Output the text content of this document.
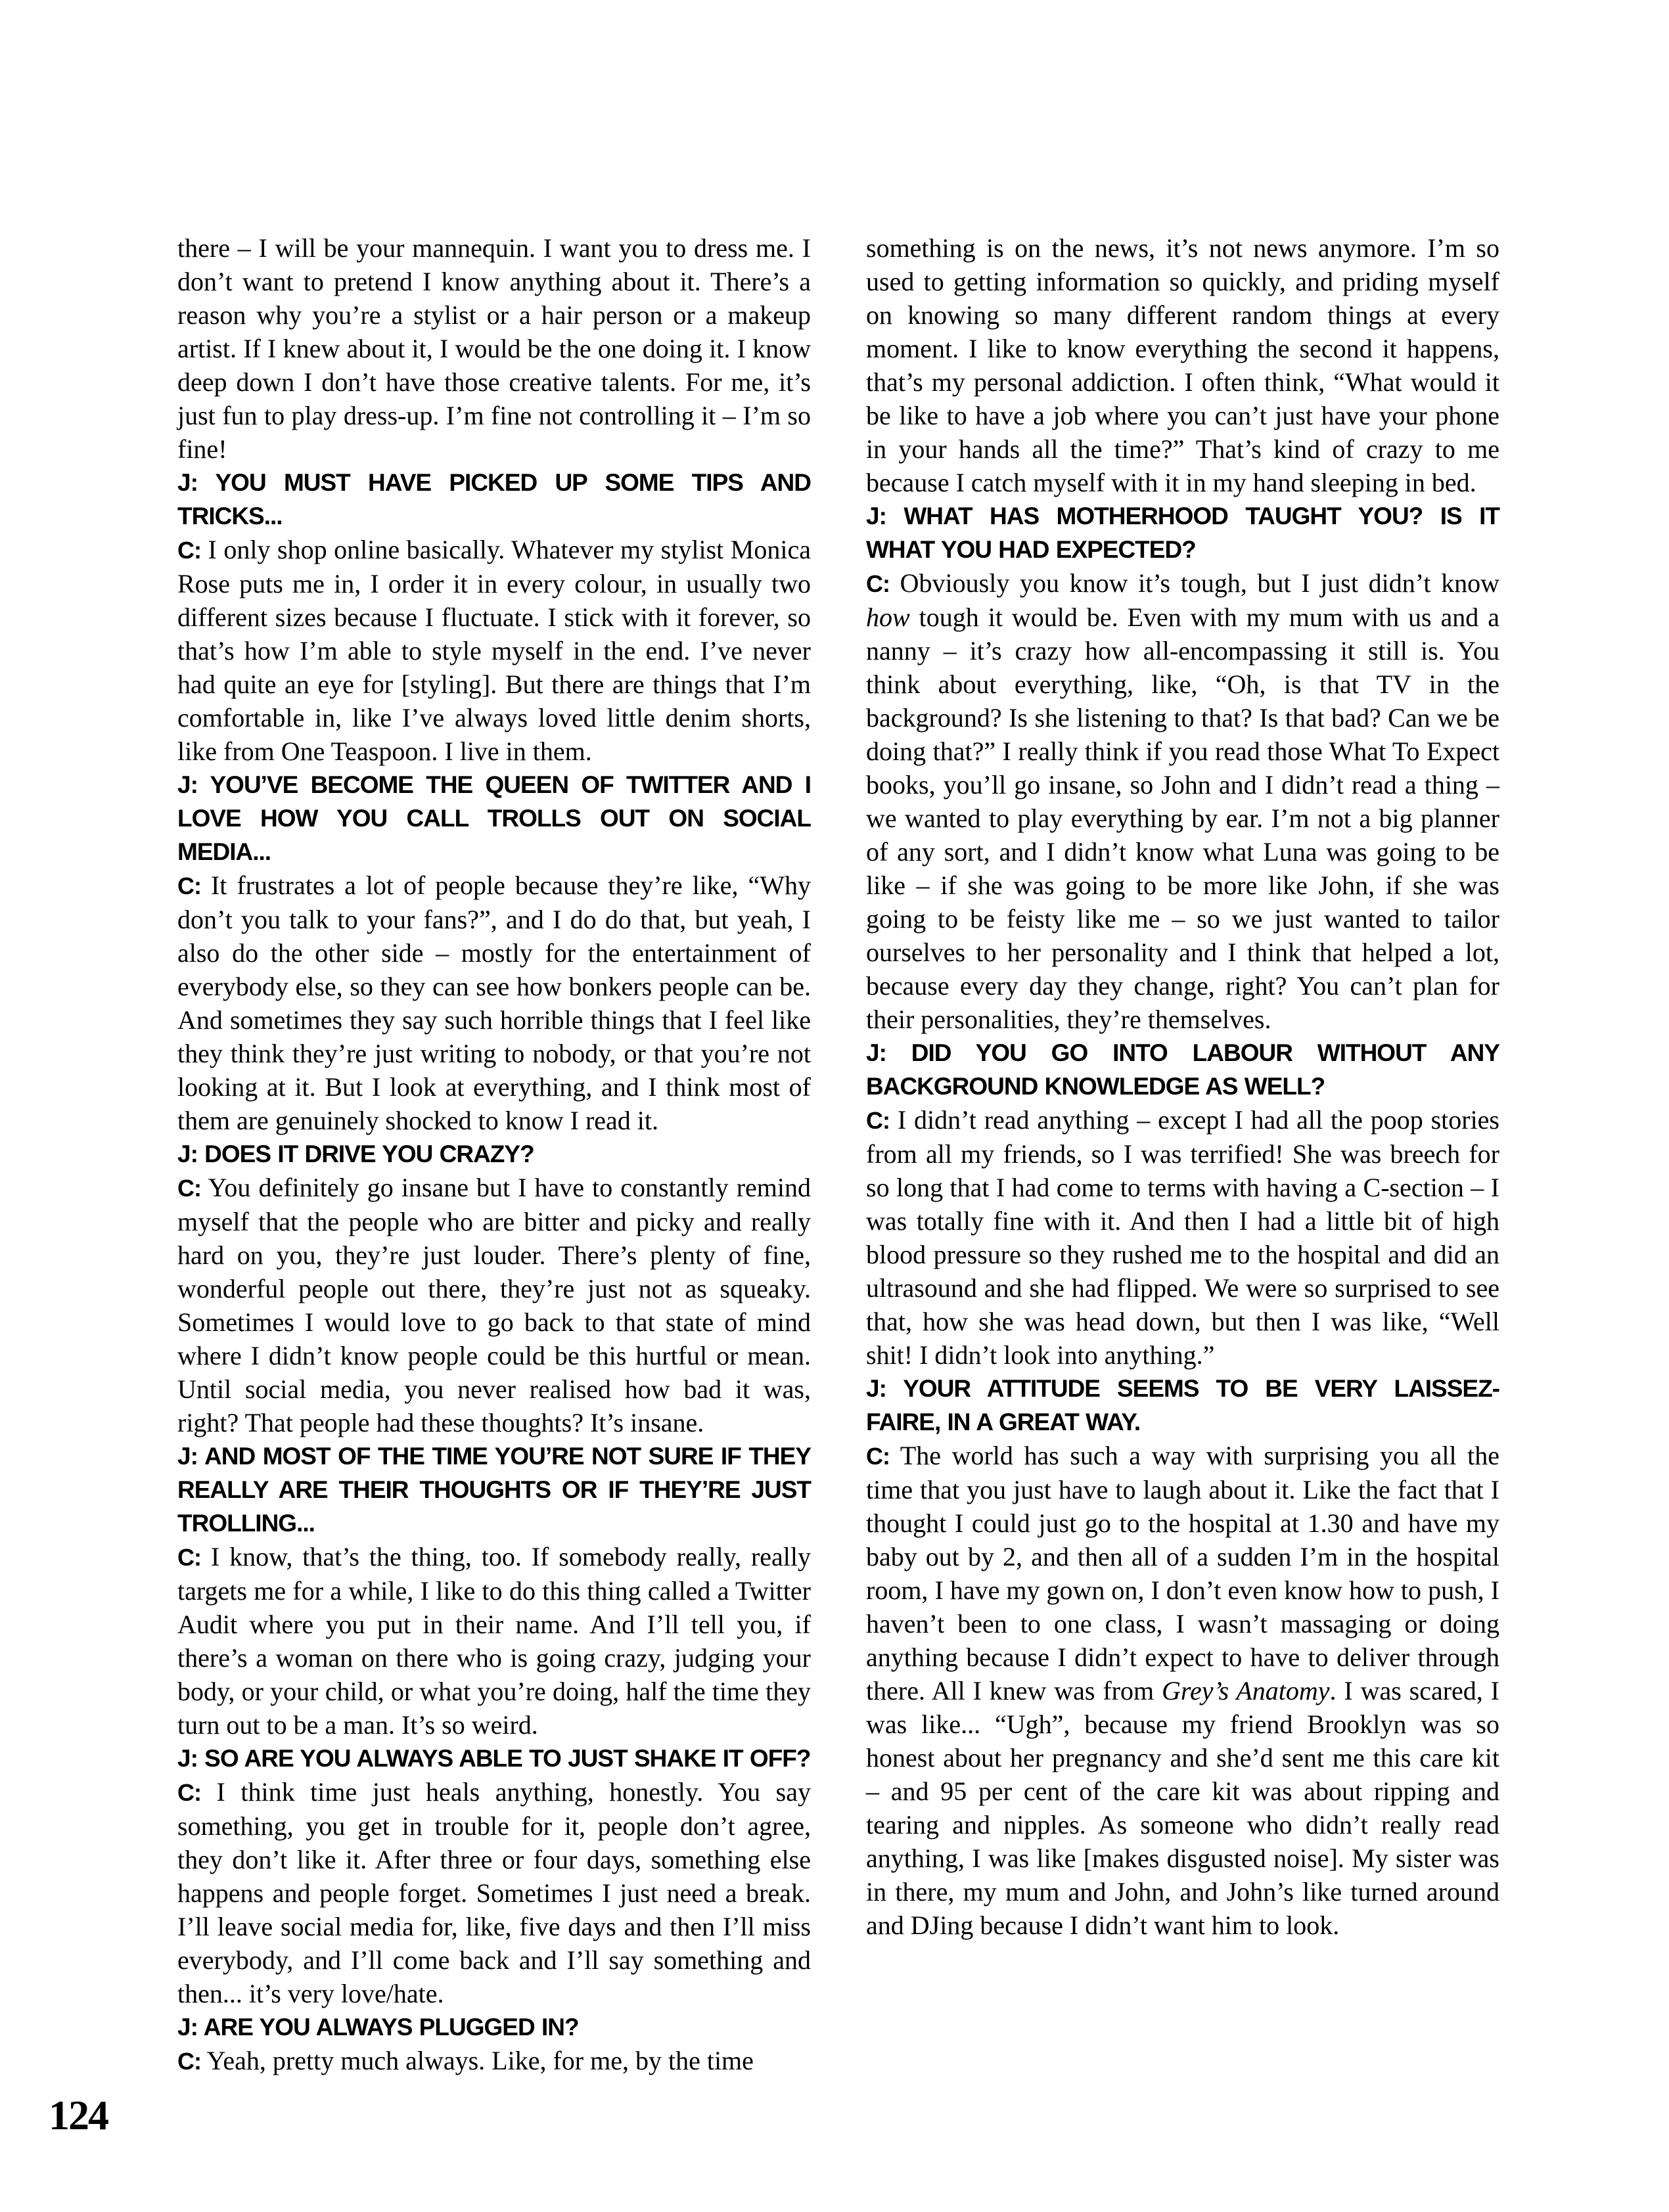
there – I will be your mannequin. I want you to dress me. I don’t want to pretend I know anything about it. There’s a reason why you’re a stylist or a hair person or a makeup artist. If I knew about it, I would be the one doing it. I know deep down I don’t have those creative talents. For me, it’s just fun to play dress-up. I’m fine not controlling it – I’m so fine!

J: YOU MUST HAVE PICKED UP SOME TIPS AND TRICKS...

C: I only shop online basically. Whatever my stylist Monica Rose puts me in, I order it in every colour, in usually two different sizes because I fluctuate. I stick with it forever, so that’s how I’m able to style myself in the end. I’ve never had quite an eye for [styling]. But there are things that I’m comfortable in, like I’ve always loved little denim shorts, like from One Teaspoon. I live in them.

J: YOU’VE BECOME THE QUEEN OF TWITTER AND I LOVE HOW YOU CALL TROLLS OUT ON SOCIAL MEDIA...

C: It frustrates a lot of people because they’re like, “Why don’t you talk to your fans?”, and I do do that, but yeah, I also do the other side – mostly for the entertainment of everybody else, so they can see how bonkers people can be. And sometimes they say such horrible things that I feel like they think they’re just writing to nobody, or that you’re not looking at it. But I look at everything, and I think most of them are genuinely shocked to know I read it.

J: DOES IT DRIVE YOU CRAZY?

C: You definitely go insane but I have to constantly remind myself that the people who are bitter and picky and really hard on you, they’re just louder. There’s plenty of fine, wonderful people out there, they’re just not as squeaky. Sometimes I would love to go back to that state of mind where I didn’t know people could be this hurtful or mean. Until social media, you never realised how bad it was, right? That people had these thoughts? It’s insane.

J: AND MOST OF THE TIME YOU’RE NOT SURE IF THEY REALLY ARE THEIR THOUGHTS OR IF THEY’RE JUST TROLLING...

C: I know, that’s the thing, too. If somebody really, really targets me for a while, I like to do this thing called a Twitter Audit where you put in their name. And I’ll tell you, if there’s a woman on there who is going crazy, judging your body, or your child, or what you’re doing, half the time they turn out to be a man. It’s so weird.

J: SO ARE YOU ALWAYS ABLE TO JUST SHAKE IT OFF?

C: I think time just heals anything, honestly. You say something, you get in trouble for it, people don’t agree, they don’t like it. After three or four days, something else happens and people forget. Sometimes I just need a break. I’ll leave social media for, like, five days and then I’ll miss everybody, and I’ll come back and I’ll say something and then... it’s very love/hate.

J: ARE YOU ALWAYS PLUGGED IN?

C: Yeah, pretty much always. Like, for me, by the time

something is on the news, it’s not news anymore. I’m so used to getting information so quickly, and priding myself on knowing so many different random things at every moment. I like to know everything the second it happens, that’s my personal addiction. I often think, “What would it be like to have a job where you can’t just have your phone in your hands all the time?” That’s kind of crazy to me because I catch myself with it in my hand sleeping in bed.

J: WHAT HAS MOTHERHOOD TAUGHT YOU? IS IT WHAT YOU HAD EXPECTED?

C: Obviously you know it’s tough, but I just didn’t know how tough it would be. Even with my mum with us and a nanny – it’s crazy how all-encompassing it still is. You think about everything, like, “Oh, is that TV in the background? Is she listening to that? Is that bad? Can we be doing that?” I really think if you read those What To Expect books, you’ll go insane, so John and I didn’t read a thing – we wanted to play everything by ear. I’m not a big planner of any sort, and I didn’t know what Luna was going to be like – if she was going to be more like John, if she was going to be feisty like me – so we just wanted to tailor ourselves to her personality and I think that helped a lot, because every day they change, right? You can’t plan for their personalities, they’re themselves.

J: DID YOU GO INTO LABOUR WITHOUT ANY BACKGROUND KNOWLEDGE AS WELL?

C: I didn’t read anything – except I had all the poop stories from all my friends, so I was terrified! She was breech for so long that I had come to terms with having a C-section – I was totally fine with it. And then I had a little bit of high blood pressure so they rushed me to the hospital and did an ultrasound and she had flipped. We were so surprised to see that, how she was head down, but then I was like, “Well shit! I didn’t look into anything.”

J: YOUR ATTITUDE SEEMS TO BE VERY LAISSEZ-FAIRE, IN A GREAT WAY.

C: The world has such a way with surprising you all the time that you just have to laugh about it. Like the fact that I thought I could just go to the hospital at 1.30 and have my baby out by 2, and then all of a sudden I’m in the hospital room, I have my gown on, I don’t even know how to push, I haven’t been to one class, I wasn’t massaging or doing anything because I didn’t expect to have to deliver through there. All I knew was from Grey’s Anatomy. I was scared, I was like... “Ugh”, because my friend Brooklyn was so honest about her pregnancy and she’d sent me this care kit – and 95 per cent of the care kit was about ripping and tearing and nipples. As someone who didn’t really read anything, I was like [makes disgusted noise]. My sister was in there, my mum and John, and John’s like turned around and DJing because I didn’t want him to look.

124
